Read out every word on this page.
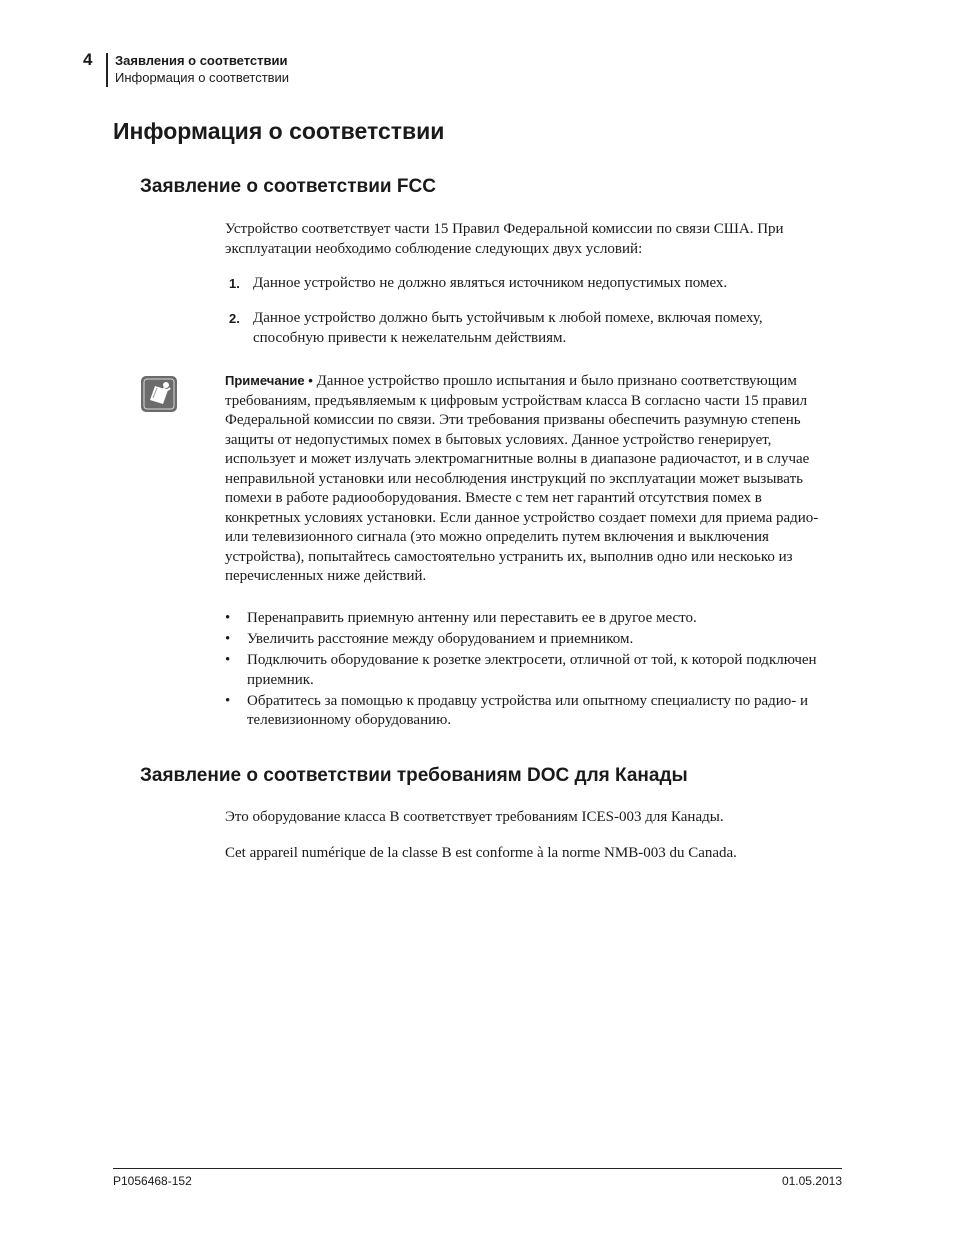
4 Заявления о соответствии
Информация о соответствии
Информация о соответствии
Заявление о соответствии FCC
Устройство соответствует части 15 Правил Федеральной комиссии по связи США. При эксплуатации необходимо соблюдение следующих двух условий:
1. Данное устройство не должно являться источником недопустимых помех.
2. Данное устройство должно быть устойчивым к любой помехе, включая помеху, способную привести к нежелательнм действиям.
Примечание • Данное устройство прошло испытания и было признано соответствующим требованиям, предъявляемым к цифровым устройствам класса B согласно части 15 правил Федеральной комиссии по связи. Эти требования призваны обеспечить разумную степень защиты от недопустимых помех в бытовых условиях. Данное устройство генерирует, использует и может излучать электромагнитные волны в диапазоне радиочастот, и в случае неправильной установки или несоблюдения инструкций по эксплуатации может вызывать помехи в работе радиооборудования. Вместе с тем нет гарантий отсутствия помех в конкретных условиях установки. Если данное устройство создает помехи для приема радио- или телевизионного сигнала (это можно определить путем включения и выключения устройства), попытайтесь самостоятельно устранить их, выполнив одно или нескоько из перечисленных ниже действий.
• Перенаправить приемную антенну или переставить ее в другое место.
• Увеличить расстояние между оборудованием и приемником.
• Подключить оборудование к розетке электросети, отличной от той, к которой подключен приемник.
• Обратитесь за помощью к продавцу устройства или опытному специалисту по радио- и телевизионному оборудованию.
Заявление о соответствии требованиям DOC для Канады
Это оборудование класса B соответствует требованиям ICES-003 для Канады.
Cet appareil numérique de la classe B est conforme à la norme NMB-003 du Canada.
P1056468-152	01.05.2013
